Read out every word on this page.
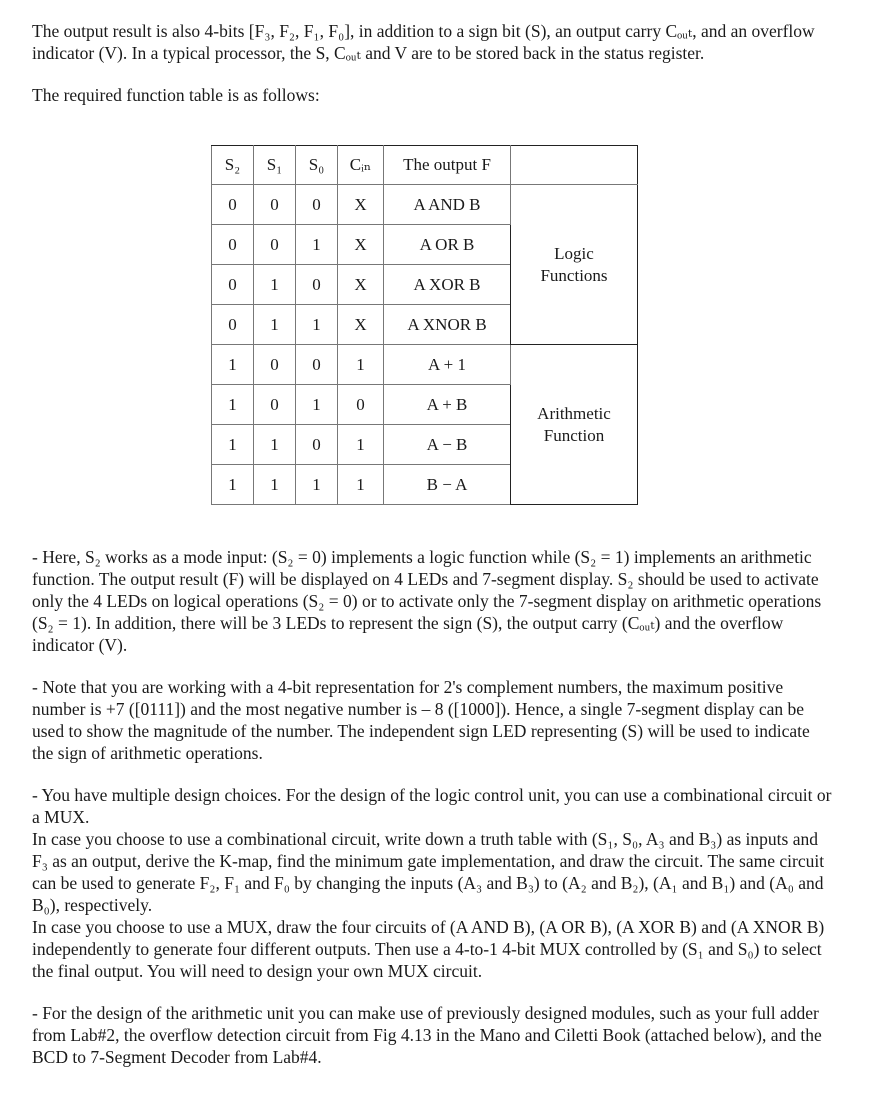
The output result is also 4-bits [F₃, F₂, F₁, F₀], in addition to a sign bit (S), an output carry Cₒᵤₜ, and an overflow indicator (V). In a typical processor, the S, Cₒᵤₜ and V are to be stored back in the status register.

The required function table is as follows:

S₂	S₁	S₀	Cᵢₙ	The output F	
0	0	0	X	A AND B	Logic
Functions
0	0	1	X	A OR B	
0	1	0	X	A XOR B	
0	1	1	X	A XNOR B	
1	0	0	1	A + 1	Arithmetic
Function
1	0	1	0	A + B	
1	1	0	1	A − B	
1	1	1	1	B − A	

- Here, S₂ works as a mode input: (S₂ = 0) implements a logic function while (S₂ = 1) implements an arithmetic function. The output result (F) will be displayed on 4 LEDs and 7-segment display. S₂ should be used to activate only the 4 LEDs on logical operations (S₂ = 0) or to activate only the 7-segment display on arithmetic operations (S₂ = 1). In addition, there will be 3 LEDs to represent the sign (S), the output carry (Cₒᵤₜ) and the overflow indicator (V).

- Note that you are working with a 4-bit representation for 2's complement numbers, the maximum positive number is +7 ([0111]) and the most negative number is – 8 ([1000]). Hence, a single 7-segment display can be used to show the magnitude of the number. The independent sign LED representing (S) will be used to indicate the sign of arithmetic operations.

- You have multiple design choices. For the design of the logic control unit, you can use a combinational circuit or a MUX.

In case you choose to use a combinational circuit, write down a truth table with (S₁, S₀, A₃ and B₃) as inputs and F₃ as an output, derive the K-map, find the minimum gate implementation, and draw the circuit. The same circuit can be used to generate F₂, F₁ and F₀ by changing the inputs (A₃ and B₃) to (A₂ and B₂), (A₁ and B₁) and (A₀ and B₀), respectively.

In case you choose to use a MUX, draw the four circuits of (A AND B), (A OR B), (A XOR B) and (A XNOR B) independently to generate four different outputs. Then use a 4-to-1 4-bit MUX controlled by (S₁ and S₀) to select the final output. You will need to design your own MUX circuit.

- For the design of the arithmetic unit you can make use of previously designed modules, such as your full adder from Lab#2, the overflow detection circuit from Fig 4.13 in the Mano and Ciletti Book (attached below), and the BCD to 7-Segment Decoder from Lab#4.
